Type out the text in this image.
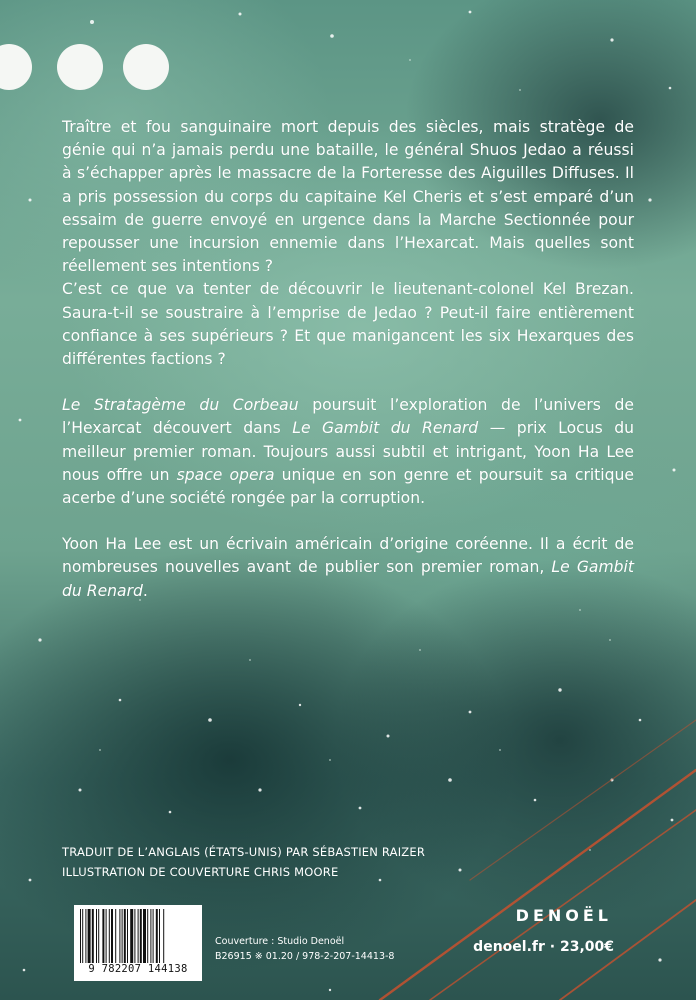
Traître et fou sanguinaire mort depuis des siècles, mais stratège de génie qui n’a jamais perdu une bataille, le général Shuos Jedao a réussi à s’échapper après le massacre de la Forteresse des Aiguilles Diffuses. Il a pris possession du corps du capitaine Kel Cheris et s’est emparé d’un essaim de guerre envoyé en urgence dans la Marche Sectionnée pour repousser une incursion ennemie dans l’Hexarcat. Mais quelles sont réellement ses intentions ?

C’est ce que va tenter de découvrir le lieutenant-colonel Kel Brezan. Saura-t-il se soustraire à l’emprise de Jedao ? Peut-il faire entièrement confiance à ses supérieurs ? Et que manigancent les six Hexarques des différentes factions ?

Le Stratagème du Corbeau poursuit l’exploration de l’univers de l’Hexarcat découvert dans Le Gambit du Renard — prix Locus du meilleur premier roman. Toujours aussi subtil et intrigant, Yoon Ha Lee nous offre un space opera unique en son genre et poursuit sa critique acerbe d’une société rongée par la corruption.

Yoon Ha Lee est un écrivain américain d’origine coréenne. Il a écrit de nombreuses nouvelles avant de publier son premier roman, Le Gambit du Renard.

TRADUIT DE L’ANGLAIS (ÉTATS-UNIS) PAR SÉBASTIEN RAIZER
ILLUSTRATION DE COUVERTURE CHRIS MOORE
9 782207 144138
Couverture : Studio Denoël
B26915 ※ 01.20 / 978-2-207-14413-8
DENOËL
denoel.fr · 23,00€
